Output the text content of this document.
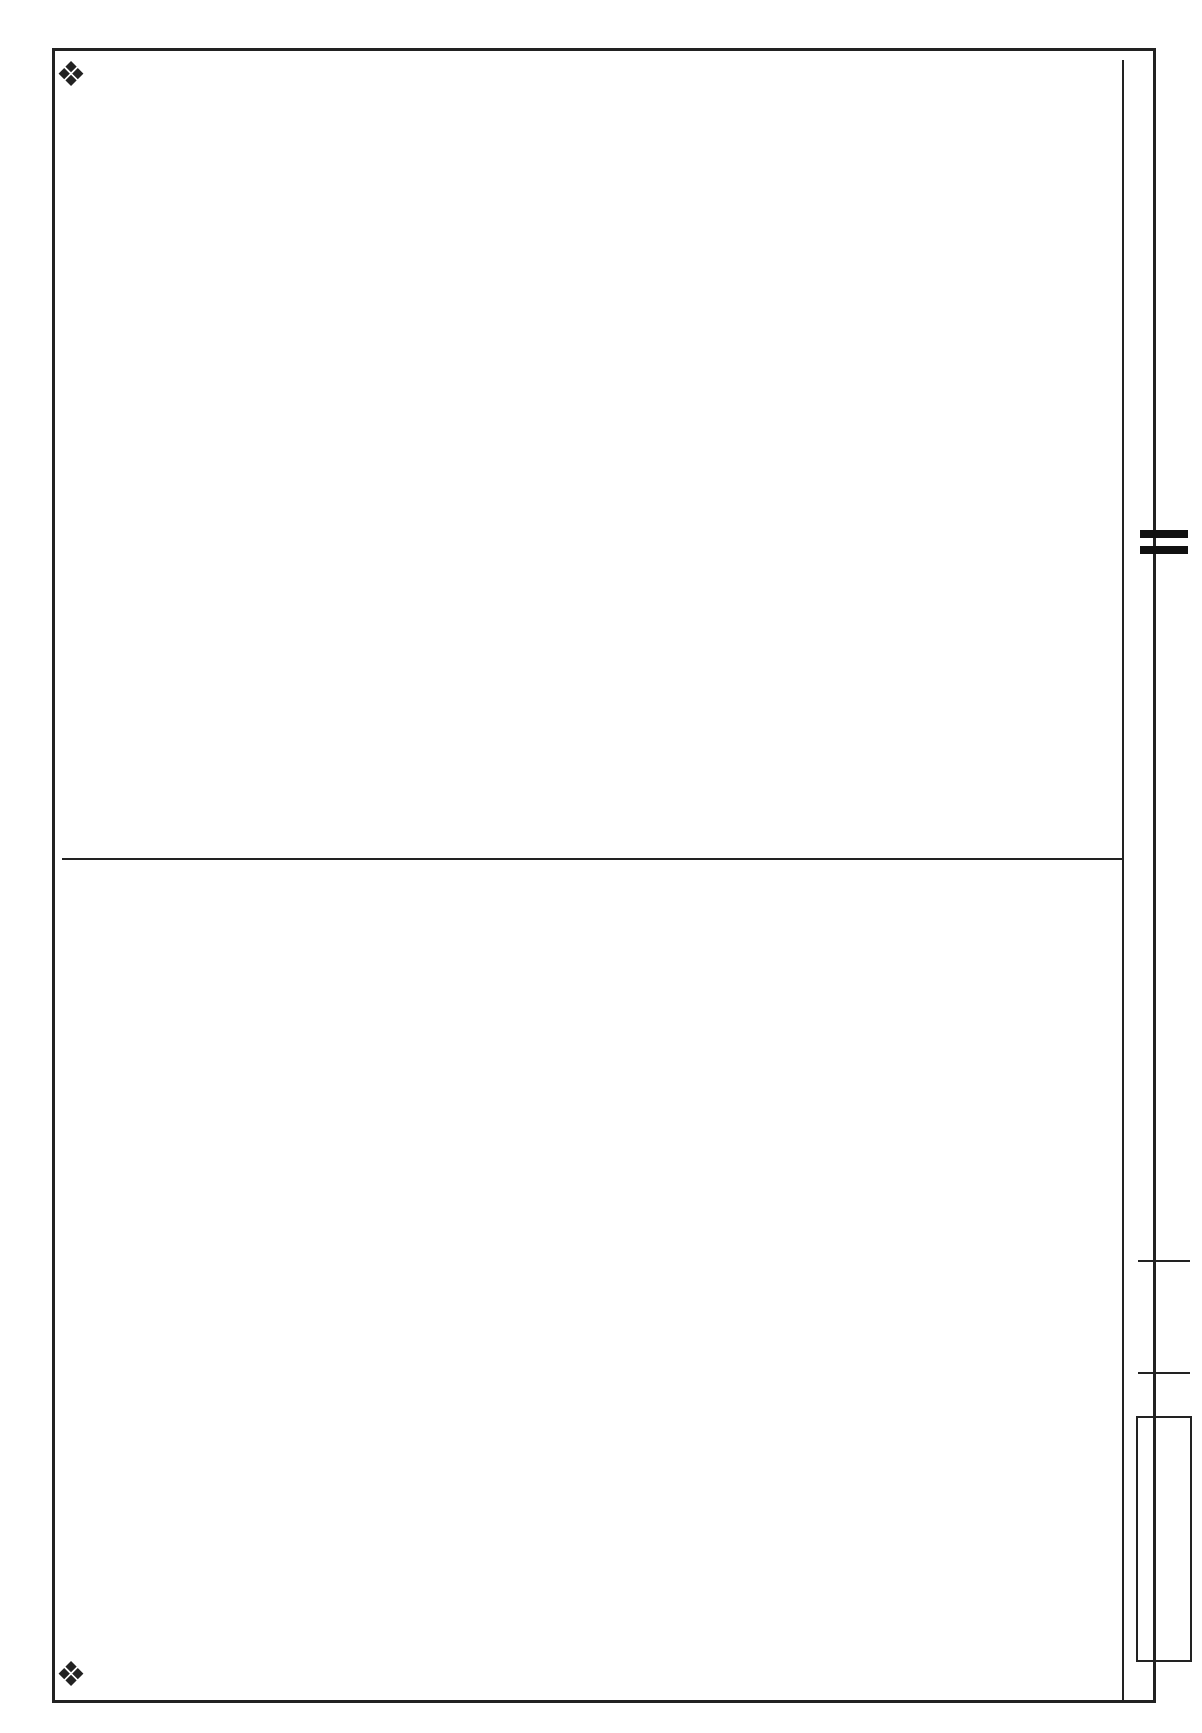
❖
❖
